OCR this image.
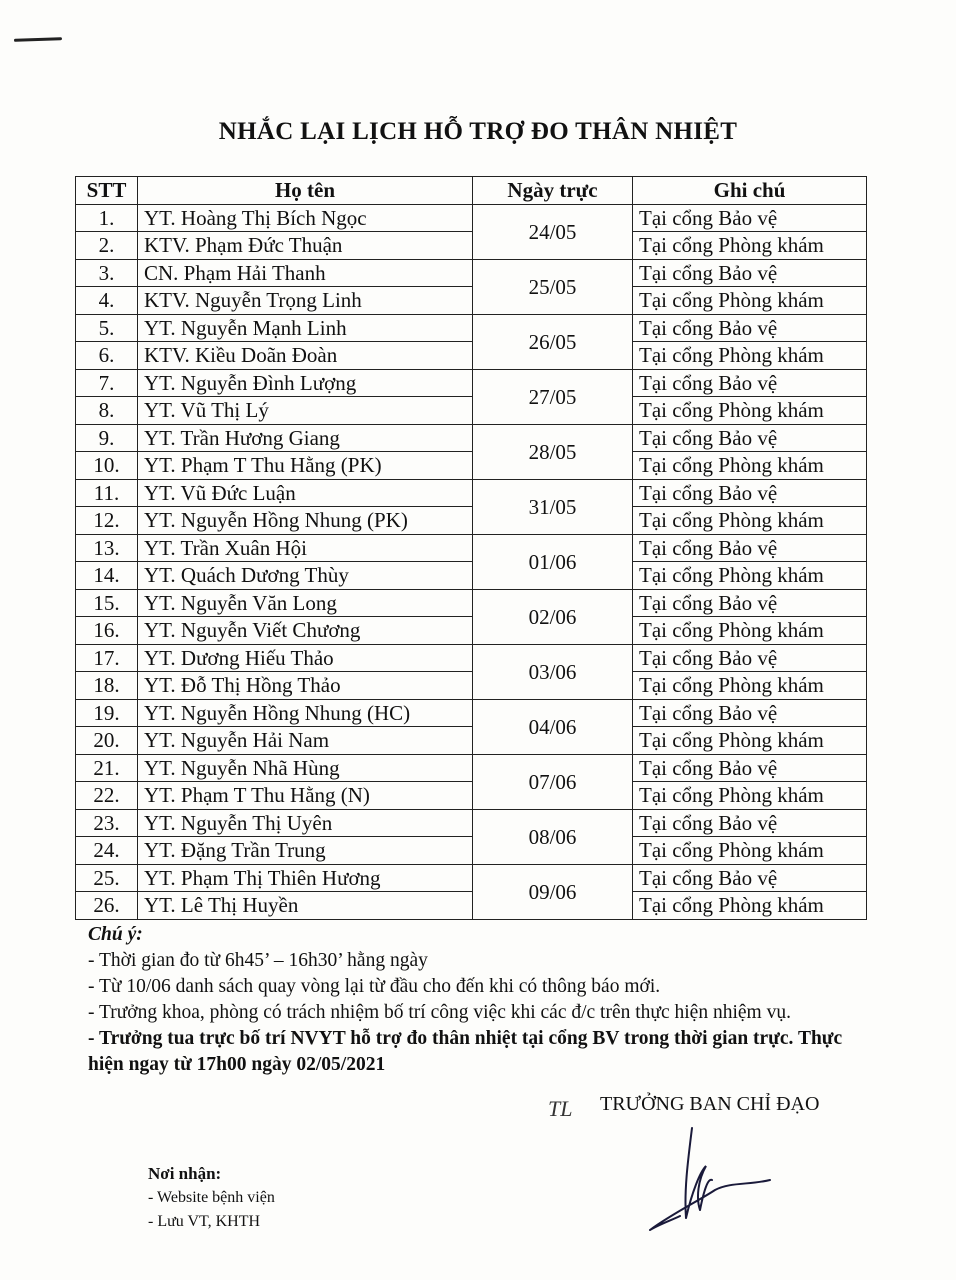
NHẮC LẠI LỊCH HỖ TRỢ ĐO THÂN NHIỆT
STT	Họ tên	Ngày trực	Ghi chú
1.	YT. Hoàng Thị Bích Ngọc	24/05	Tại cổng Bảo vệ
2.	KTV. Phạm Đức Thuận		Tại cổng Phòng khám
3.	CN. Phạm Hải Thanh	25/05	Tại cổng Bảo vệ
4.	KTV. Nguyễn Trọng Linh		Tại cổng Phòng khám
5.	YT. Nguyễn Mạnh Linh	26/05	Tại cổng Bảo vệ
6.	KTV. Kiều Doãn Đoàn		Tại cổng Phòng khám
7.	YT. Nguyễn Đình Lượng	27/05	Tại cổng Bảo vệ
8.	YT. Vũ Thị Lý		Tại cổng Phòng khám
9.	YT. Trần Hương Giang	28/05	Tại cổng Bảo vệ
10.	YT. Phạm T Thu Hằng (PK)		Tại cổng Phòng khám
11.	YT. Vũ Đức Luận	31/05	Tại cổng Bảo vệ
12.	YT. Nguyễn Hồng Nhung (PK)		Tại cổng Phòng khám
13.	YT. Trần Xuân Hội	01/06	Tại cổng Bảo vệ
14.	YT. Quách Dương Thùy		Tại cổng Phòng khám
15.	YT. Nguyễn Văn Long	02/06	Tại cổng Bảo vệ
16.	YT. Nguyễn Viết Chương		Tại cổng Phòng khám
17.	YT. Dương Hiếu Thảo	03/06	Tại cổng Bảo vệ
18.	YT. Đỗ Thị Hồng Thảo		Tại cổng Phòng khám
19.	YT. Nguyễn Hồng Nhung (HC)	04/06	Tại cổng Bảo vệ
20.	YT. Nguyễn Hải Nam		Tại cổng Phòng khám
21.	YT. Nguyễn Nhã Hùng	07/06	Tại cổng Bảo vệ
22.	YT. Phạm T Thu Hằng (N)		Tại cổng Phòng khám
23.	YT. Nguyễn Thị Uyên	08/06	Tại cổng Bảo vệ
24.	YT. Đặng Trần Trung		Tại cổng Phòng khám
25.	YT. Phạm Thị Thiên Hương	09/06	Tại cổng Bảo vệ
26.	YT. Lê Thị Huyền		Tại cổng Phòng khám
Chú ý:
- Thời gian đo từ 6h45’ – 16h30’ hằng ngày
- Từ 10/06 danh sách quay vòng lại từ đầu cho đến khi có thông báo mới.
- Trưởng khoa, phòng có trách nhiệm bố trí công việc khi các đ/c trên thực hiện nhiệm vụ.
- Trưởng tua trực bố trí NVYT hỗ trợ đo thân nhiệt tại cổng BV trong thời gian trực. Thực hiện ngay từ 17h00 ngày 02/05/2021
TL TRƯỞNG BAN CHỈ ĐẠO
Nơi nhận:
- Website bệnh viện
- Lưu VT, KHTH
